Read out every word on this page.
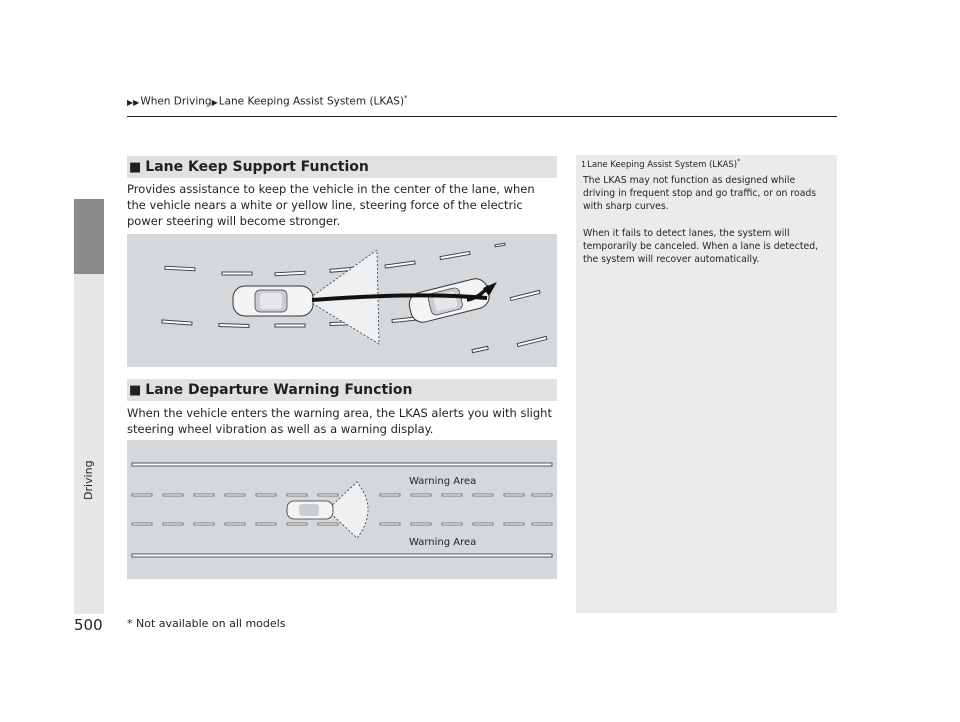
▶▶When Driving▶Lane Keeping Assist System (LKAS)*
Driving
■ Lane Keep Support Function
Provides assistance to keep the vehicle in the center of the lane, when the vehicle nears a white or yellow line, steering force of the electric power steering will become stronger.
■ Lane Departure Warning Function
When the vehicle enters the warning area, the LKAS alerts you with slight steering wheel vibration as well as a warning display.
Warning Area
Warning Area
1Lane Keeping Assist System (LKAS)*
The LKAS may not function as designed while driving in frequent stop and go traffic, or on roads with sharp curves.
When it fails to detect lanes, the system will temporarily be canceled. When a lane is detected, the system will recover automatically.
500 * Not available on all models
